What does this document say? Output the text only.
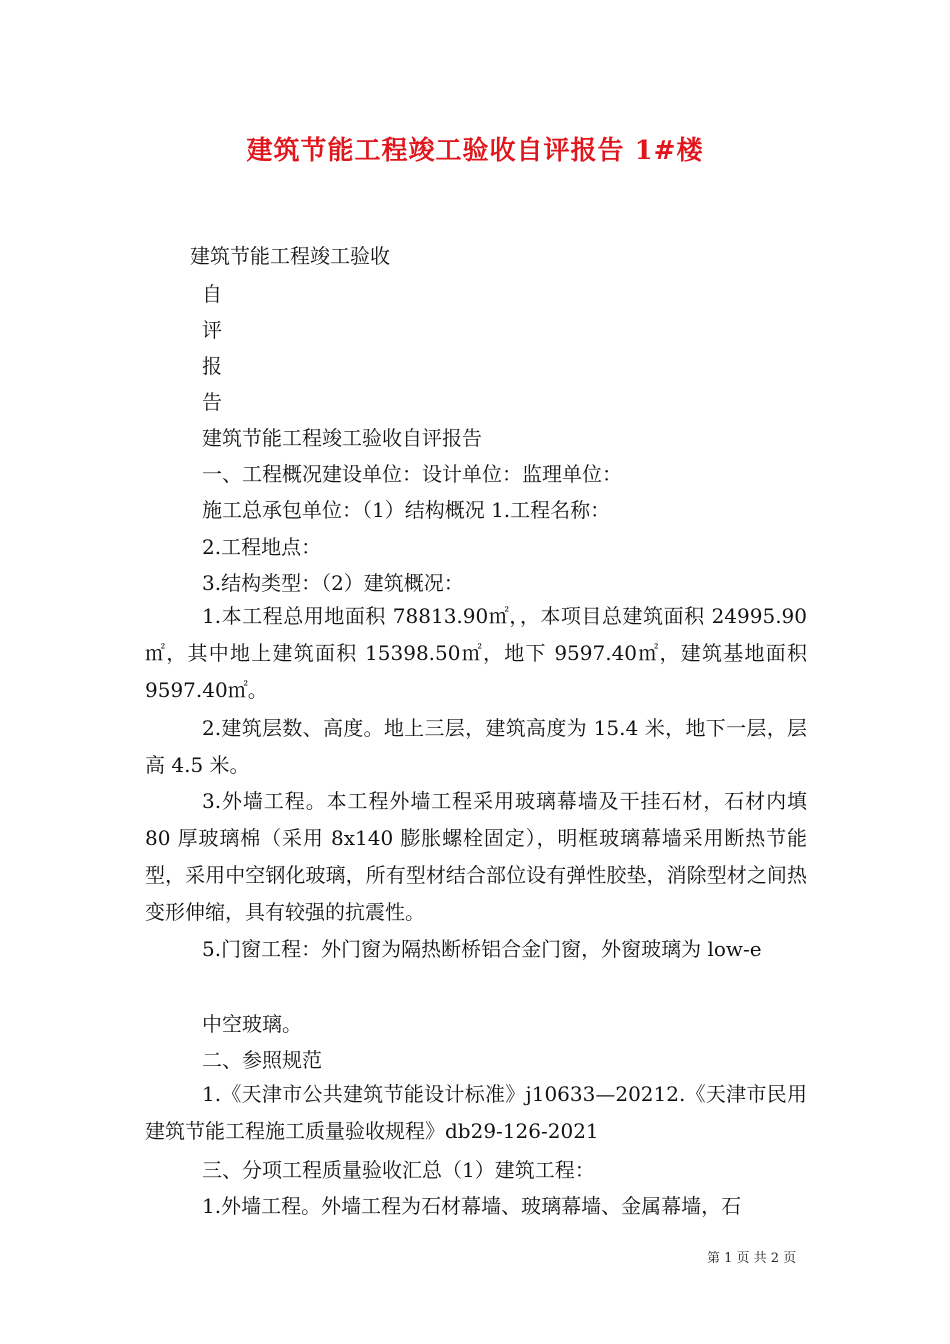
建筑节能工程竣工验收自评报告 1#楼
建筑节能工程竣工验收
自
评
报
告
建筑节能工程竣工验收自评报告
一、工程概况建设单位：设计单位：监理单位：
施工总承包单位：（1）结构概况 1.工程名称：
2.工程地点：
3.结构类型：（2）建筑概况：
1.本工程总用地面积 78813.90㎡，，本项目总建筑面积 24995.90㎡，其中地上建筑面积 15398.50㎡，地下 9597.40㎡，建筑基地面积 9597.40㎡。
2.建筑层数、高度。地上三层，建筑高度为 15.4 米，地下一层，层高 4.5 米。
3.外墙工程。本工程外墙工程采用玻璃幕墙及干挂石材，石材内填 80 厚玻璃棉（采用 8x140 膨胀螺栓固定），明框玻璃幕墙采用断热节能型，采用中空钢化玻璃，所有型材结合部位设有弹性胶垫，消除型材之间热变形伸缩，具有较强的抗震性。
5.门窗工程：外门窗为隔热断桥铝合金门窗，外窗玻璃为 low-e
中空玻璃。
二、参照规范
1.《天津市公共建筑节能设计标准》j10633—20212.《天津市民用建筑节能工程施工质量验收规程》db29-126-2021
三、分项工程质量验收汇总（1）建筑工程：
1.外墙工程。外墙工程为石材幕墙、玻璃幕墙、金属幕墙，石
第 1 页 共 2 页
